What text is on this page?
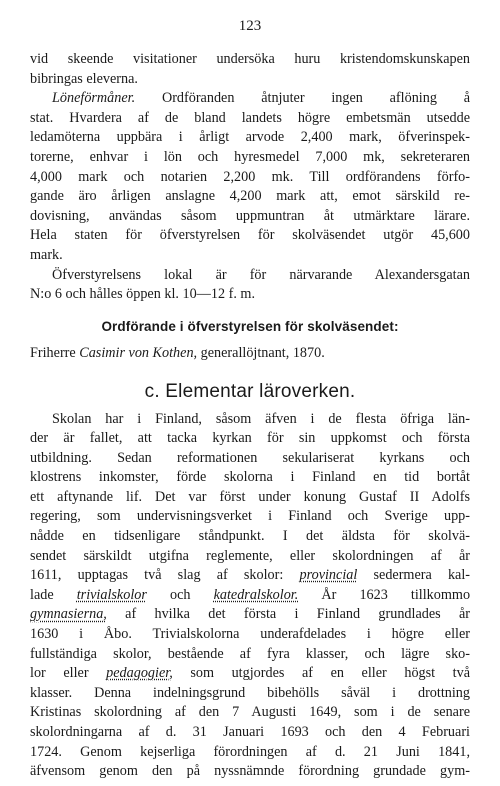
123
vid skeende visitationer undersöka huru kristendomskunskapen
bibringas eleverna.
Löneförmåner. Ordföranden åtnjuter ingen aflöning å
stat. Hvardera af de bland landets högre embetsmän utsedde
ledamöterna uppbära i årligt arvode 2,400 mark, öfverinspek-
torerne, enhvar i lön och hyresmedel 7,000 mk, sekreteraren
4,000 mark och notarien 2,200 mk. Till ordförandens förfo-
gande äro årligen anslagne 4,200 mark att, emot särskild re-
dovisning, användas såsom uppmuntran åt utmärktare lärare.
Hela staten för öfverstyrelsen för skolväsendet utgör 45,600
mark.
Öfverstyrelsens lokal är för närvarande Alexandersgatan
N:o 6 och hålles öppen kl. 10—12 f. m.
Ordförande i öfverstyrelsen för skolväsendet:
Friherre Casimir von Kothen, generallöjtnant, 1870.
c. Elementar läroverken.
Skolan har i Finland, såsom äfven i de flesta öfriga län-
der är fallet, att tacka kyrkan för sin uppkomst och första
utbildning. Sedan reformationen sekulariserat kyrkans och
klostrens inkomster, förde skolorna i Finland en tid bortåt
ett aftynande lif. Det var först under konung Gustaf II Adolfs
regering, som undervisningsverket i Finland och Sverige upp-
nådde en tidsenligare ståndpunkt. I det äldsta för skolvä-
sendet särskildt utgifna reglemente, eller skolordningen af år
1611, upptagas två slag af skolor: provincial sedermera kal-
lade trivialskolor och katedralskolor. År 1623 tillkommo
gymnasierna, af hvilka det första i Finland grundlades år
1630 i Åbo. Trivialskolorna underafdelades i högre eller
fullständiga skolor, bestående af fyra klasser, och lägre sko-
lor eller pedagogier, som utgjordes af en eller högst två
klasser. Denna indelningsgrund bibehölls såväl i drottning
Kristinas skolordning af den 7 Augusti 1649, som i de senare
skolordningarna af d. 31 Januari 1693 och den 4 Februari
1724. Genom kejserliga förordningen af d. 21 Juni 1841,
äfvensom genom den på nyssnämnde förordning grundade gym-
